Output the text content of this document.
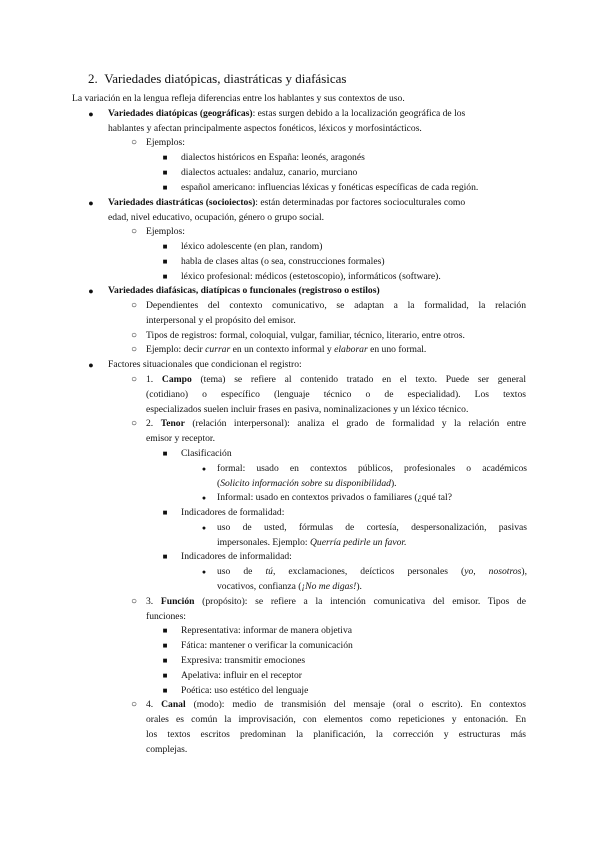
2. Variedades diatópicas, diastráticas y diafásicas
La variación en la lengua refleja diferencias entre los hablantes y sus contextos de uso.
● Variedades diatópicas (geográficas): estas surgen debido a la localización geográfica de los
hablantes y afectan principalmente aspectos fonéticos, léxicos y morfosintácticos.
○ Ejemplos:
■ dialectos históricos en España: leonés, aragonés
■ dialectos actuales: andaluz, canario, murciano
■ español americano: influencias léxicas y fonéticas específicas de cada región.
● Variedades diastráticas (socioiectos): están determinadas por factores socioculturales como
edad, nivel educativo, ocupación, género o grupo social.
○ Ejemplos:
■ léxico adolescente (en plan, random)
■ habla de clases altas (o sea, construcciones formales)
■ léxico profesional: médicos (estetoscopio), informáticos (software).
● Variedades diafásicas, diatípicas o funcionales (registroso o estilos)
○ Dependientes del contexto comunicativo, se adaptan a la formalidad, la relación
interpersonal y el propósito del emisor.
○ Tipos de registros: formal, coloquial, vulgar, familiar, técnico, literario, entre otros.
○ Ejemplo: decir currar en un contexto informal y elaborar en uno formal.
● Factores situacionales que condicionan el registro:
○ 1. Campo (tema) se refiere al contenido tratado en el texto. Puede ser general
(cotidiano) o específico (lenguaje técnico o de especialidad). Los textos
especializados suelen incluir frases en pasiva, nominalizaciones y un léxico técnico.
○ 2. Tenor (relación interpersonal): analiza el grado de formalidad y la relación entre
emisor y receptor.
■ Clasificación
●	formal: usado en contextos públicos, profesionales o académicos
(Solicito información sobre su disponibilidad).
●	Informal: usado en contextos privados o familiares (¿qué tal?
■ Indicadores de formalidad:
●	uso de usted, fórmulas de cortesía, despersonalización, pasivas
impersonales. Ejemplo: Querría pedirle un favor.
■ Indicadores de informalidad:
●	uso de tú, exclamaciones, deícticos personales (yo, nosotros),
vocativos, confianza (¡No me digas!).
○ 3. Función (propósito): se refiere a la intención comunicativa del emisor. Tipos de
funciones:
■ Representativa: informar de manera objetiva
■ Fática: mantener o verificar la comunicación
■ Expresiva: transmitir emociones
■ Apelativa: influir en el receptor
■ Poética: uso estético del lenguaje
○ 4. Canal (modo): medio de transmisión del mensaje (oral o escrito). En contextos
orales es común la improvisación, con elementos como repeticiones y entonación. En
los textos escritos predominan la planificación, la corrección y estructuras más
complejas.
